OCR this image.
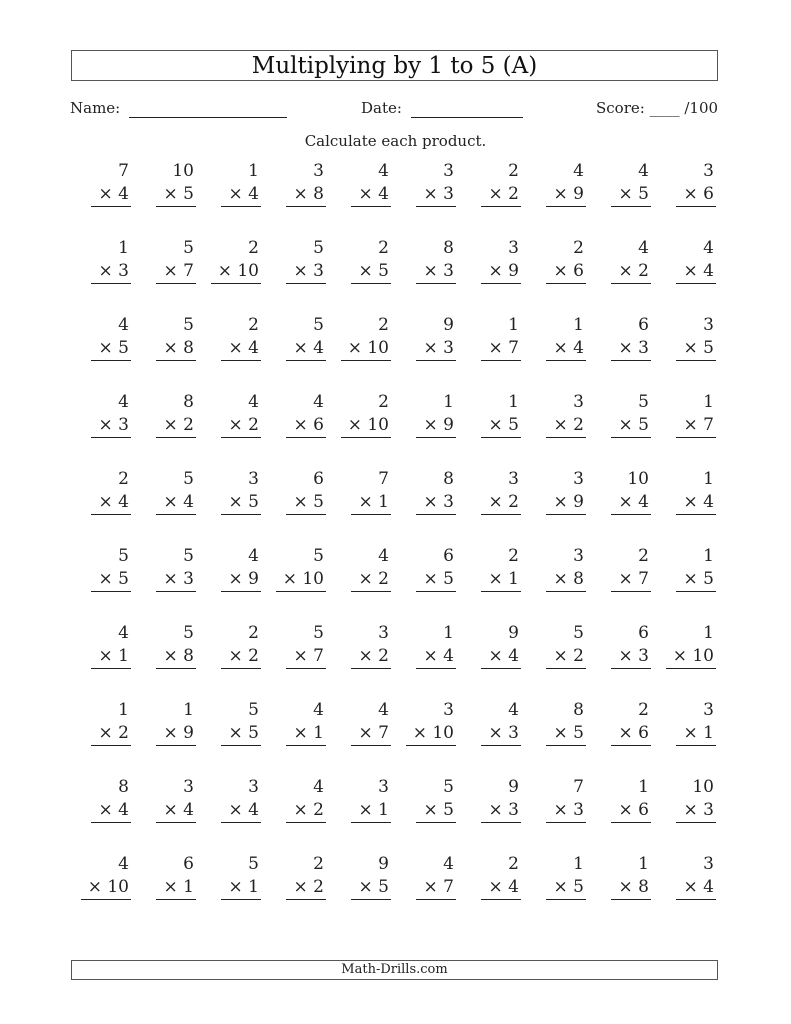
Multiplying by 1 to 5 (A)
Name:	Date:	Score: ____ /100
Calculate each product.
7
× 4
10
× 5
1
× 4
3
× 8
4
× 4
3
× 3
2
× 2
4
× 9
4
× 5
3
× 6
1
× 3
5
× 7
2
× 10
5
× 3
2
× 5
8
× 3
3
× 9
2
× 6
4
× 2
4
× 4
4
× 5
5
× 8
2
× 4
5
× 4
2
× 10
9
× 3
1
× 7
1
× 4
6
× 3
3
× 5
4
× 3
8
× 2
4
× 2
4
× 6
2
× 10
1
× 9
1
× 5
3
× 2
5
× 5
1
× 7
2
× 4
5
× 4
3
× 5
6
× 5
7
× 1
8
× 3
3
× 2
3
× 9
10
× 4
1
× 4
5
× 5
5
× 3
4
× 9
5
× 10
4
× 2
6
× 5
2
× 1
3
× 8
2
× 7
1
× 5
4
× 1
5
× 8
2
× 2
5
× 7
3
× 2
1
× 4
9
× 4
5
× 2
6
× 3
1
× 10
1
× 2
1
× 9
5
× 5
4
× 1
4
× 7
3
× 10
4
× 3
8
× 5
2
× 6
3
× 1
8
× 4
3
× 4
3
× 4
4
× 2
3
× 1
5
× 5
9
× 3
7
× 3
1
× 6
10
× 3
4
× 10
6
× 1
5
× 1
2
× 2
9
× 5
4
× 7
2
× 4
1
× 5
1
× 8
3
× 4
Math-Drills.com
